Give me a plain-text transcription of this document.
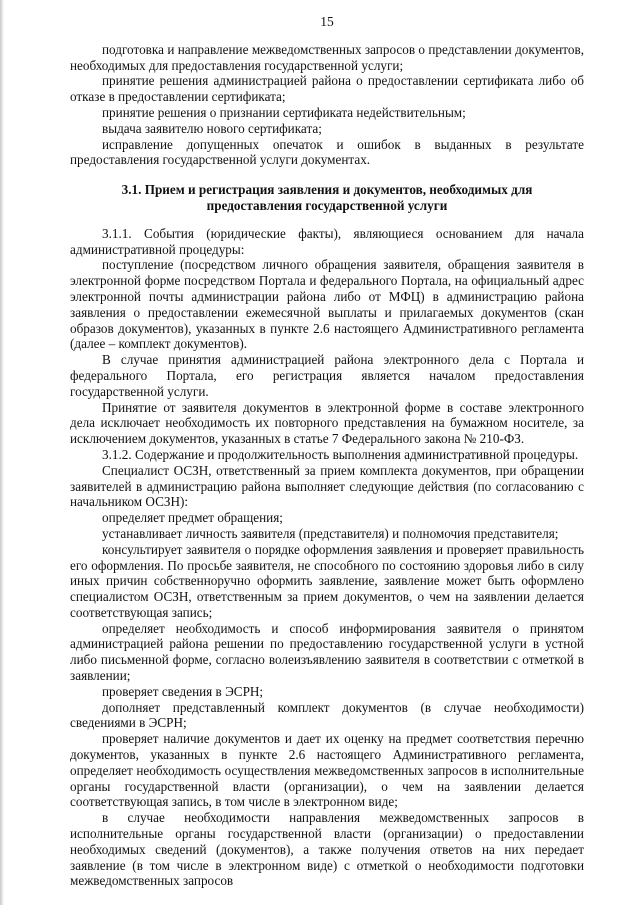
15

подготовка и направление межведомственных запросов о представлении документов, необходимых для предоставления государственной услуги;

принятие решения администрацией района о предоставлении сертификата либо об отказе в предоставлении сертификата;

принятие решения о признании сертификата недействительным;

выдача заявителю нового сертификата;

исправление допущенных опечаток и ошибок в выданных в результате предоставления государственной услуги документах.

3.1. Прием и регистрация заявления и документов, необходимых для

предоставления государственной услуги

3.1.1. События (юридические факты), являющиеся основанием для начала административной процедуры:

поступление (посредством личного обращения заявителя, обращения заявителя в электронной форме посредством Портала и федерального Портала, на официальный адрес электронной почты администрации района либо от МФЦ) в администрацию района заявления о предоставлении ежемесячной выплаты и прилагаемых документов (скан образов документов), указанных в пункте 2.6 настоящего Административного регламента (далее – комплект документов).

В случае принятия администрацией района электронного дела с Портала и федерального Портала, его регистрация является началом предоставления государственной услуги.

Принятие от заявителя документов в электронной форме в составе электронного дела исключает необходимость их повторного представления на бумажном носителе, за исключением документов, указанных в статье 7 Федерального закона № 210-ФЗ.

3.1.2. Содержание и продолжительность выполнения административной процедуры.

Специалист ОСЗН, ответственный за прием комплекта документов, при обращении заявителей в администрацию района выполняет следующие действия (по согласованию с начальником ОСЗН):

определяет предмет обращения;

устанавливает личность заявителя (представителя) и полномочия представителя;

консультирует заявителя о порядке оформления заявления и проверяет правильность его оформления. По просьбе заявителя, не способного по состоянию здоровья либо в силу иных причин собственноручно оформить заявление, заявление может быть оформлено специалистом ОСЗН, ответственным за прием документов, о чем на заявлении делается соответствующая запись;

определяет необходимость и способ информирования заявителя о принятом администрацией района решении по предоставлению государственной услуги в устной либо письменной форме, согласно волеизъявлению заявителя в соответствии с отметкой в заявлении;

проверяет сведения в ЭСРН;

дополняет представленный комплект документов (в случае необходимости) сведениями в ЭСРН;

проверяет наличие документов и дает их оценку на предмет соответствия перечню документов, указанных в пункте 2.6 настоящего Административного регламента, определяет необходимость осуществления межведомственных запросов в исполнительные органы государственной власти (организации), о чем на заявлении делается соответствующая запись, в том числе в электронном виде;

в случае необходимости направления межведомственных запросов в исполнительные органы государственной власти (организации) о предоставлении необходимых сведений (документов), а также получения ответов на них передает заявление (в том числе в электронном виде) с отметкой о необходимости подготовки межведомственных запросов
